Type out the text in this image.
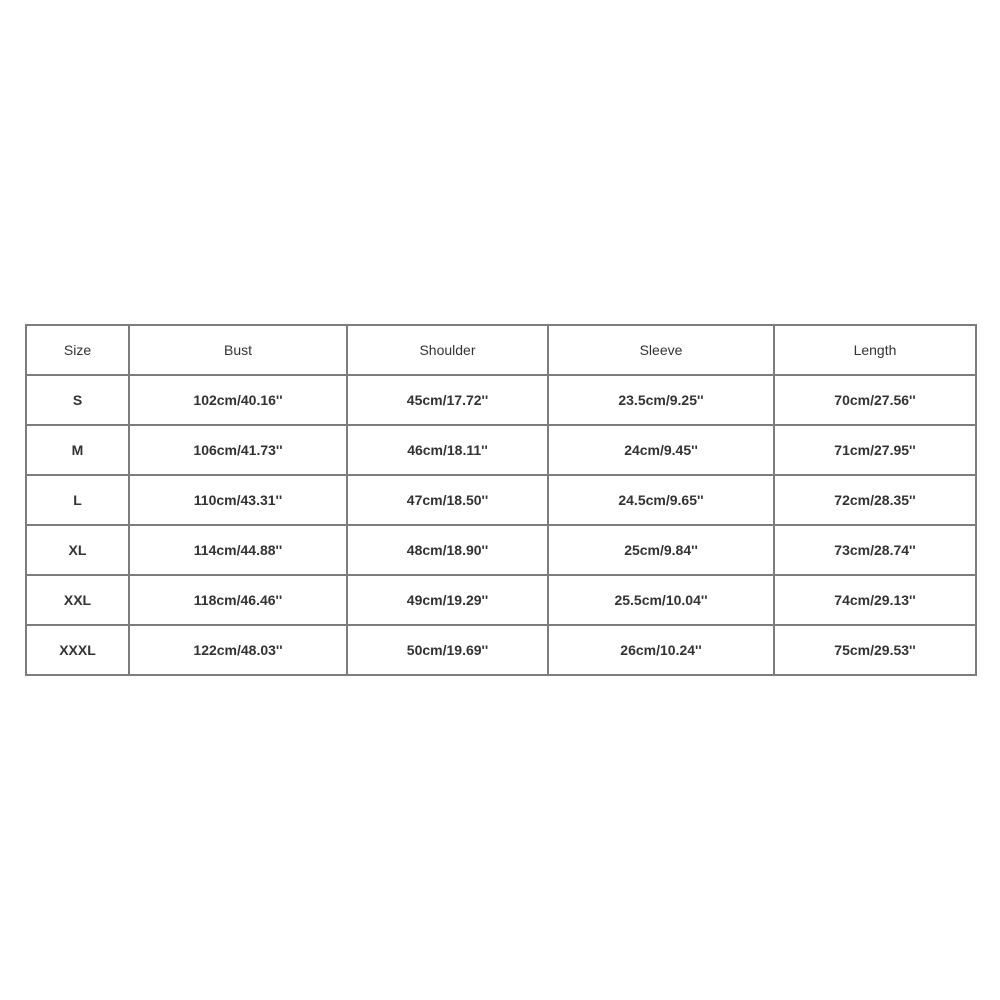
Size	Bust	Shoulder	Sleeve	Length
S	102cm/40.16''	45cm/17.72''	23.5cm/9.25''	70cm/27.56''
M	106cm/41.73''	46cm/18.11''	24cm/9.45''	71cm/27.95''
L	110cm/43.31''	47cm/18.50''	24.5cm/9.65''	72cm/28.35''
XL	114cm/44.88''	48cm/18.90''	25cm/9.84''	73cm/28.74''
XXL	118cm/46.46''	49cm/19.29''	25.5cm/10.04''	74cm/29.13''
XXXL	122cm/48.03''	50cm/19.69''	26cm/10.24''	75cm/29.53''
